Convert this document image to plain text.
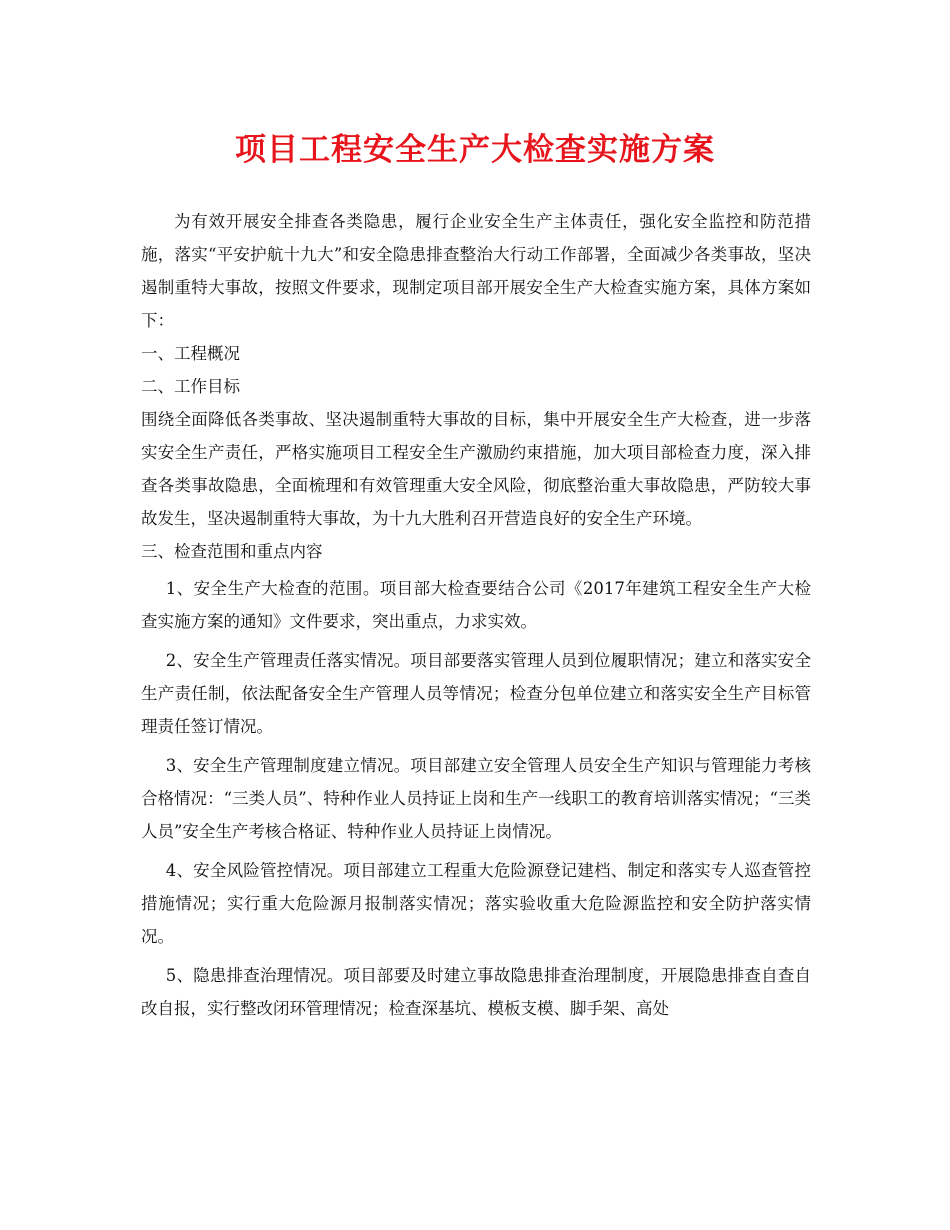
项目工程安全生产大检查实施方案

为有效开展安全排查各类隐患，履行企业安全生产主体责任，强化安全监控和防范措施，落实“平安护航十九大”和安全隐患排查整治大行动工作部署，全面减少各类事故，坚决遏制重特大事故，按照文件要求，现制定项目部开展安全生产大检查实施方案，具体方案如下：

一、工程概况

二、工作目标

围绕全面降低各类事故、坚决遏制重特大事故的目标，集中开展安全生产大检查，进一步落实安全生产责任，严格实施项目工程安全生产激励约束措施，加大项目部检查力度，深入排查各类事故隐患，全面梳理和有效管理重大安全风险，彻底整治重大事故隐患，严防较大事故发生，坚决遏制重特大事故，为十九大胜利召开营造良好的安全生产环境。

三、检查范围和重点内容

1、安全生产大检查的范围。项目部大检查要结合公司《2017年建筑工程安全生产大检查实施方案的通知》文件要求，突出重点，力求实效。

2、安全生产管理责任落实情况。项目部要落实管理人员到位履职情况；建立和落实安全生产责任制，依法配备安全生产管理人员等情况；检查分包单位建立和落实安全生产目标管理责任签订情况。

3、安全生产管理制度建立情况。项目部建立安全管理人员安全生产知识与管理能力考核合格情况：“三类人员”、特种作业人员持证上岗和生产一线职工的教育培训落实情况；“三类人员”安全生产考核合格证、特种作业人员持证上岗情况。

4、安全风险管控情况。项目部建立工程重大危险源登记建档、制定和落实专人巡查管控措施情况；实行重大危险源月报制落实情况；落实验收重大危险源监控和安全防护落实情况。

5、隐患排查治理情况。项目部要及时建立事故隐患排查治理制度，开展隐患排查自查自改自报，实行整改闭环管理情况；检查深基坑、模板支模、脚手架、高处
